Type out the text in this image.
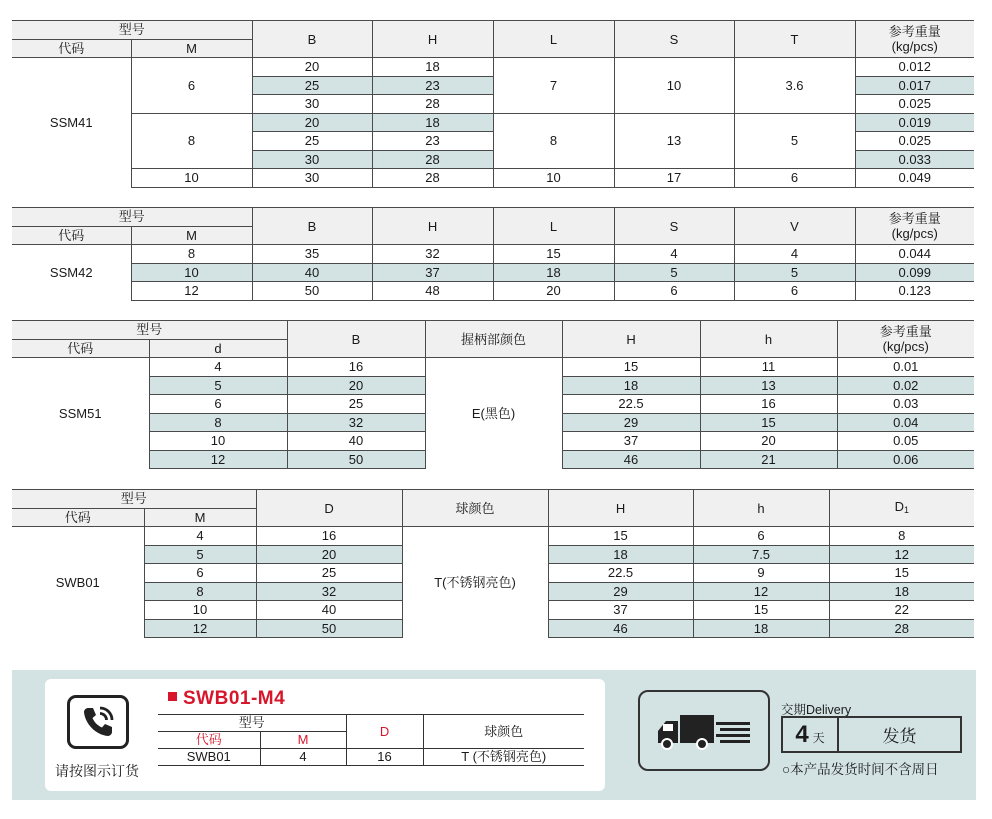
型号		B	H	L	S	T	参考重量
(kg/pcs)
代码	M						
SSM41	6	20	18	7	10	3.6	0.012
		25	23				0.017
		30	28				0.025
	8	20	18	8	13	5	0.019
		25	23				0.025
		30	28				0.033
	10	30	28	10	17	6	0.049
型号		B	H	L	S	V	参考重量
(kg/pcs)
代码	M						
SSM42	8	35	32	15	4	4	0.044
	10	40	37	18	5	5	0.099
	12	50	48	20	6	6	0.123
型号		B	握柄部颜色	H	h	参考重量
(kg/pcs)
代码	d					
SSM51	4	16	E(黑色)	15	11	0.01
	5	20		18	13	0.02
	6	25		22.5	16	0.03
	8	32		29	15	0.04
	10	40		37	20	0.05
	12	50		46	21	0.06
型号		D	球颜色	H	h	D1
代码	M					
SWB01	4	16	T(不锈钢亮色)	15	6	8
	5	20		18	7.5	12
	6	25		22.5	9	15
	8	32		29	12	18
	10	40		37	15	22
	12	50		46	18	28
请按图示订货
SWB01-M4
型号		D	球颜色
代码	M		
SWB01	4	16	T (不锈钢亮色)
交期Delivery
4 天	发货
○本产品发货时间不含周日
